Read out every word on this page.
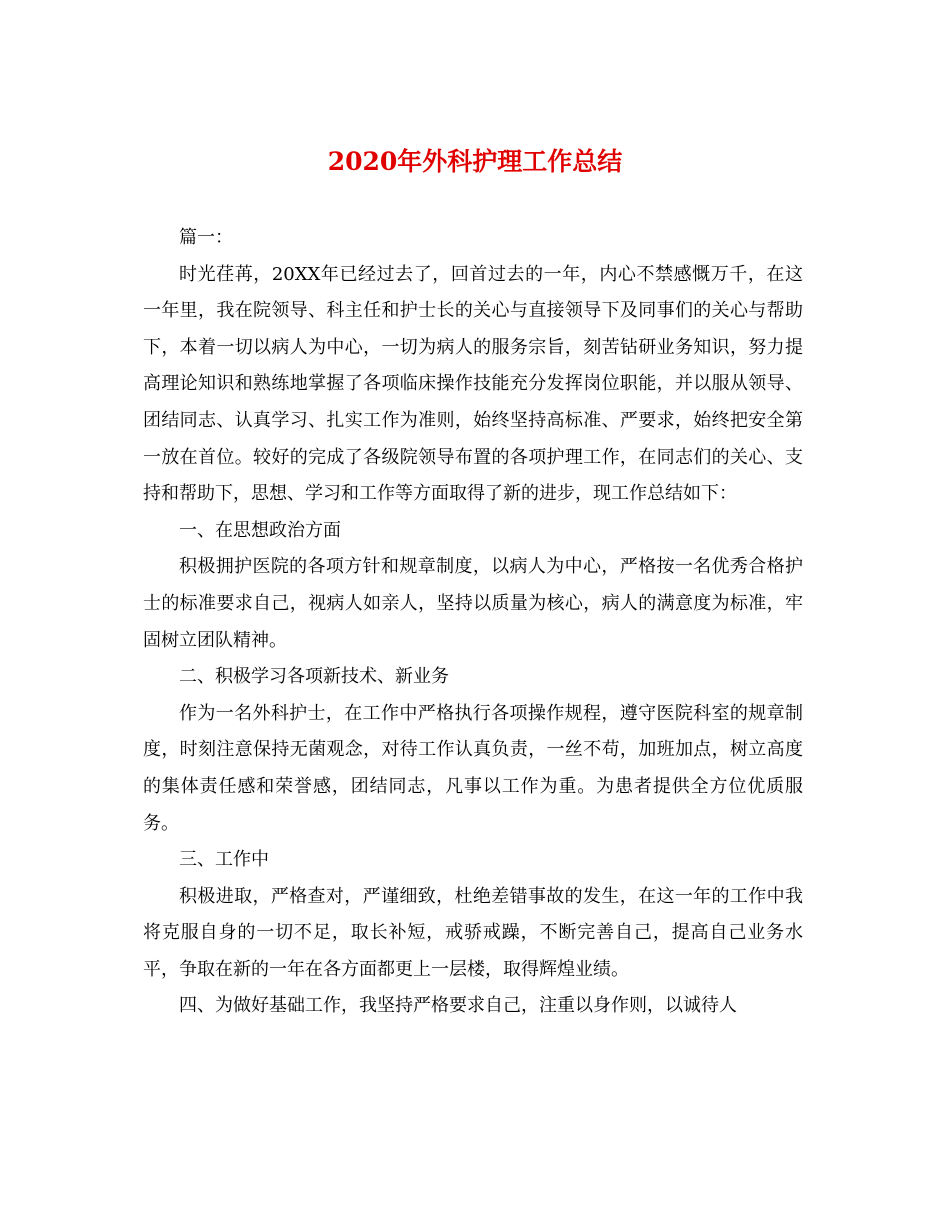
2020年外科护理工作总结

篇一：

时光荏苒，20XX年已经过去了，回首过去的一年，内心不禁感慨万千，在这一年里，我在院领导、科主任和护士长的关心与直接领导下及同事们的关心与帮助下，本着一切以病人为中心，一切为病人的服务宗旨，刻苦钻研业务知识，努力提高理论知识和熟练地掌握了各项临床操作技能充分发挥岗位职能，并以服从领导、团结同志、认真学习、扎实工作为准则，始终坚持高标准、严要求，始终把安全第一放在首位。较好的完成了各级院领导布置的各项护理工作，在同志们的关心、支持和帮助下，思想、学习和工作等方面取得了新的进步，现工作总结如下：

一、在思想政治方面

积极拥护医院的各项方针和规章制度，以病人为中心，严格按一名优秀合格护士的标准要求自己，视病人如亲人，坚持以质量为核心，病人的满意度为标准，牢固树立团队精神。

二、积极学习各项新技术、新业务

作为一名外科护士，在工作中严格执行各项操作规程，遵守医院科室的规章制度，时刻注意保持无菌观念，对待工作认真负责，一丝不苟，加班加点，树立高度的集体责任感和荣誉感，团结同志，凡事以工作为重。为患者提供全方位优质服务。

三、工作中

积极进取，严格查对，严谨细致，杜绝差错事故的发生，在这一年的工作中我将克服自身的一切不足，取长补短，戒骄戒躁，不断完善自己，提高自己业务水平，争取在新的一年在各方面都更上一层楼，取得辉煌业绩。

四、为做好基础工作，我坚持严格要求自己，注重以身作则，以诚待人
